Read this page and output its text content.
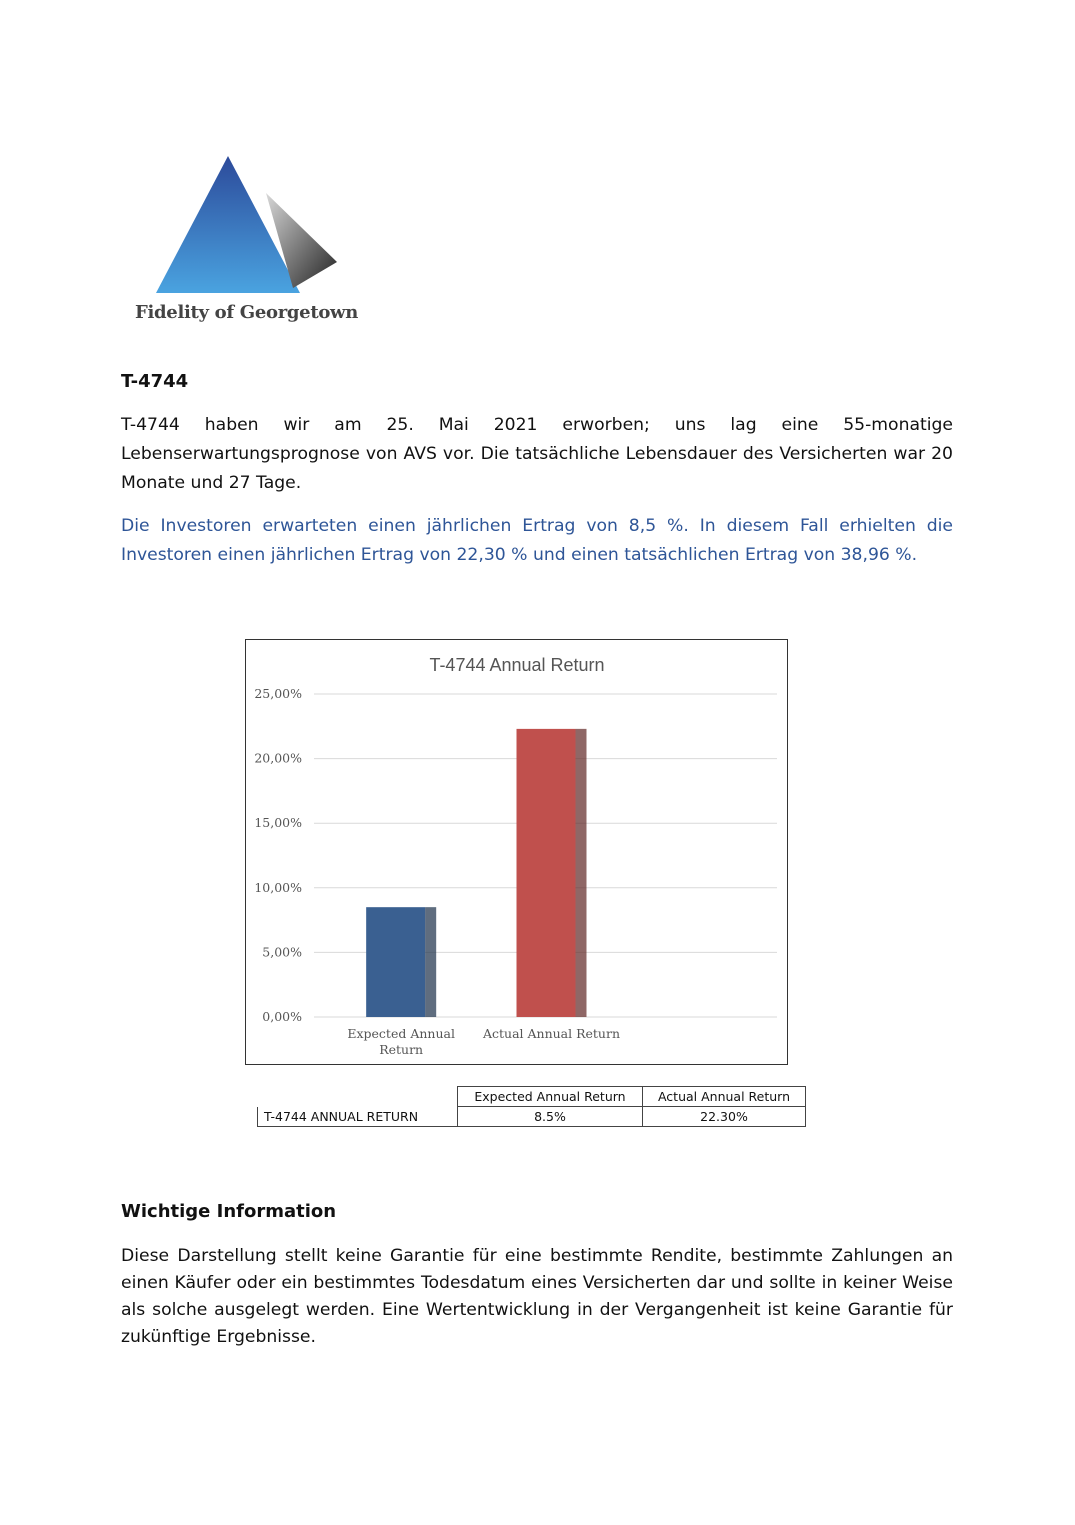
Fidelity of Georgetown
T-4744

T-4744 haben wir am 25. Mai 2021 erworben; uns lag eine 55-monatige Lebenserwartungsprognose von AVS vor. Die tatsächliche Lebensdauer des Versicherten war 20 Monate und 27 Tage.

Die Investoren erwarteten einen jährlichen Ertrag von 8,5 %. In diesem Fall erhielten die Investoren einen jährlichen Ertrag von 22,30 % und einen tatsächlichen Ertrag von 38,96 %.

T-4744 Annual Return
0,00%
5,00%
10,00%
15,00%
20,00%
25,00%
Expected Annual
Return
Actual Annual Return
	Expected Annual Return	Actual Annual Return
T-4744 ANNUAL RETURN	8.5%	22.30%
Wichtige Information

Diese Darstellung stellt keine Garantie für eine bestimmte Rendite, bestimmte Zahlungen an einen Käufer oder ein bestimmtes Todesdatum eines Versicherten dar und sollte in keiner Weise als solche ausgelegt werden. Eine Wertentwicklung in der Vergangenheit ist keine Garantie für zukünftige Ergebnisse.
